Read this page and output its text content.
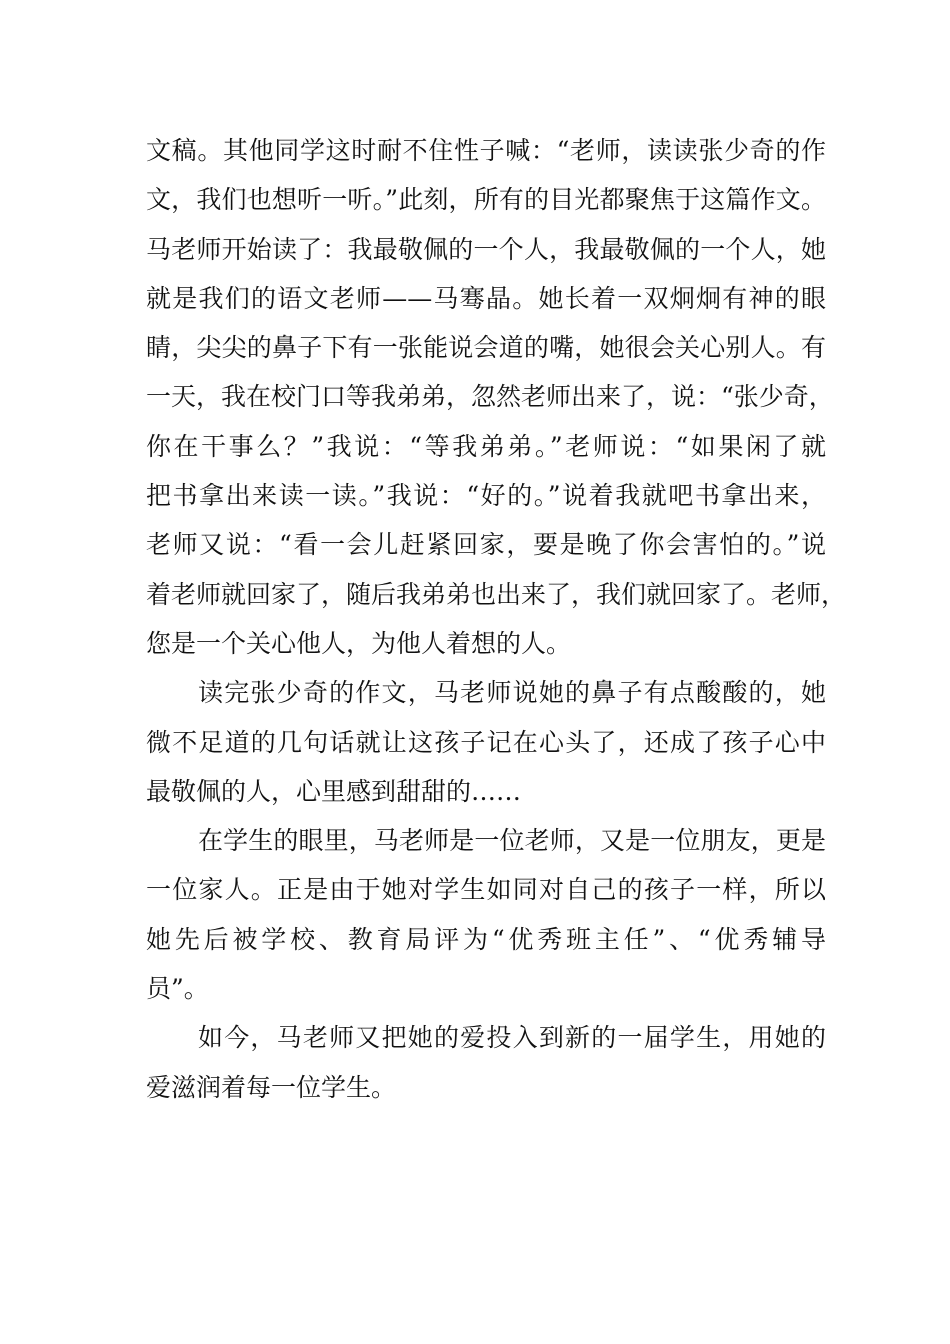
文稿。其他同学这时耐不住性子喊：“老师，读读张少奇的作
文，我们也想听一听。”此刻，所有的目光都聚焦于这篇作文。
马老师开始读了：我最敬佩的一个人，我最敬佩的一个人，她
就是我们的语文老师——马骞晶。她长着一双炯炯有神的眼
睛，尖尖的鼻子下有一张能说会道的嘴，她很会关心别人。有
一天，我在校门口等我弟弟，忽然老师出来了，说：“张少奇，
你在干事么？”我说：“等我弟弟。”老师说：“如果闲了就
把书拿出来读一读。”我说：“好的。”说着我就吧书拿出来，
老师又说：“看一会儿赶紧回家，要是晚了你会害怕的。”说
着老师就回家了，随后我弟弟也出来了，我们就回家了。老师，
您是一个关心他人，为他人着想的人。
读完张少奇的作文，马老师说她的鼻子有点酸酸的，她
微不足道的几句话就让这孩子记在心头了，还成了孩子心中
最敬佩的人，心里感到甜甜的……
在学生的眼里，马老师是一位老师，又是一位朋友，更是
一位家人。正是由于她对学生如同对自己的孩子一样，所以
她先后被学校、教育局评为“优秀班主任”、“优秀辅导
员”。
如今，马老师又把她的爱投入到新的一届学生，用她的
爱滋润着每一位学生。
